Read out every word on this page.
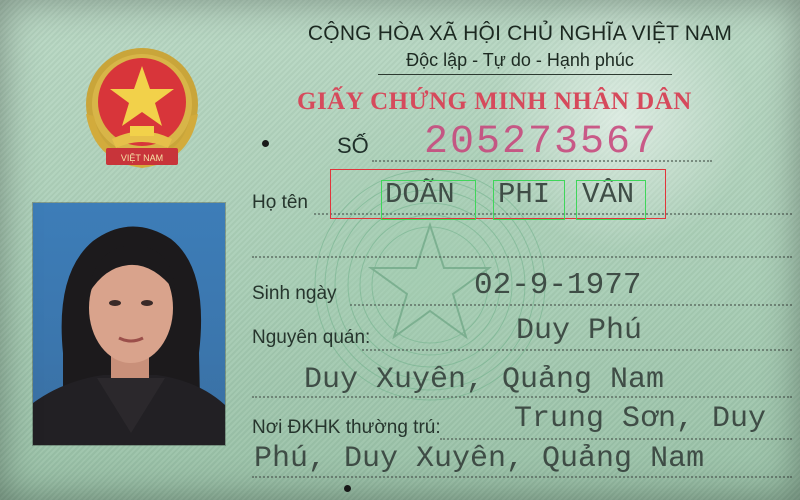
VIỆT NAM
CỘNG HÒA XÃ HỘI CHỦ NGHĨA VIỆT NAM
Độc lập - Tự do - Hạnh phúc
GIẤY CHỨNG MINH NHÂN DÂN
SỐ 205273567
Họ tên	DOÃN PHI VÂN
Sinh ngày	02-9-1977
Nguyên quán:	Duy Phú
Duy Xuyên, Quảng Nam
Nơi ĐKHK thường trú: Trung Sơn, Duy
Phú, Duy Xuyên, Quảng Nam
